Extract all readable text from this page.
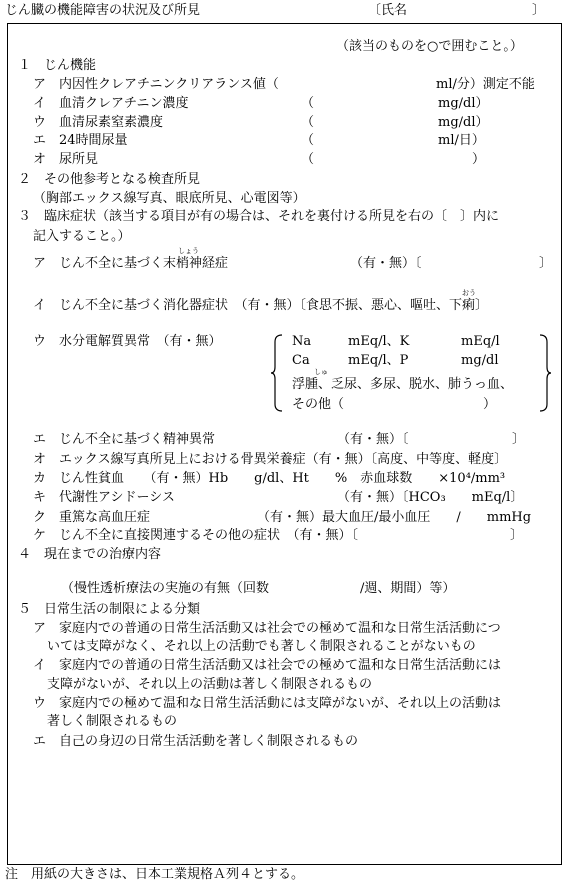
じん臓の機能障害の状況及び所見	〔氏名	〕
（該当のものを○で囲むこと。）
１　じん機能
ア　内因性クレアチニンクリアランス値（	ml/分）測定不能
イ　血清クレアチニン濃度	（	mg/dl）
ウ　血清尿素窒素濃度	（	mg/dl）
エ　24時間尿量	（	ml/日）
オ　尿所見	（	）
２　その他参考となる検査所見
（胸部エックス線写真、眼底所見、心電図等）
３　臨床症状（該当する項目が有の場合は、それを裏付ける所見を右の〔　〕内に
記入すること。）
しょう
ア　じん不全に基づく末梢神経症	（有・無）〔	〕
おう
イ　じん不全に基づく消化器症状　（有・無）〔食思不振、悪心、嘔吐、下痢〕
ウ　水分電解質異常　（有・無）	Na	mEq/l、K	mEq/l
Ca	mEq/l、P	mg/dl
しゅ
浮腫、乏尿、多尿、脱水、肺うっ血、
その他（	）
エ　じん不全に基づく精神異常	（有・無）〔	〕
オ　エックス線写真所見上における骨異栄養症（有・無）〔高度、中等度、軽度〕
カ　じん性貧血　　（有・無）Hb　　g/dl、Ht　　%　赤血球数　　×10⁴/mm³
キ　代謝性アシドーシス	（有・無）〔HCO₃　　mEq/l〕
ク　重篤な高血圧症	（有・無）最大血圧/最小血圧　　/　　mmHg
ケ　じん不全に直接関連するその他の症状　（有・無）〔	〕
４　現在までの治療内容
（慢性透析療法の実施の有無（回数　　　　　　　/週、期間）等）
５　日常生活の制限による分類
ア　家庭内での普通の日常生活活動又は社会での極めて温和な日常生活活動につ
いては支障がなく、それ以上の活動でも著しく制限されることがないもの
イ　家庭内での普通の日常生活活動又は社会での極めて温和な日常生活活動には
支障がないが、それ以上の活動は著しく制限されるもの
ウ　家庭内での極めて温和な日常生活活動には支障がないが、それ以上の活動は
著しく制限されるもの
エ　自己の身辺の日常生活活動を著しく制限されるもの
注　用紙の大きさは、日本工業規格Ａ列４とする。
